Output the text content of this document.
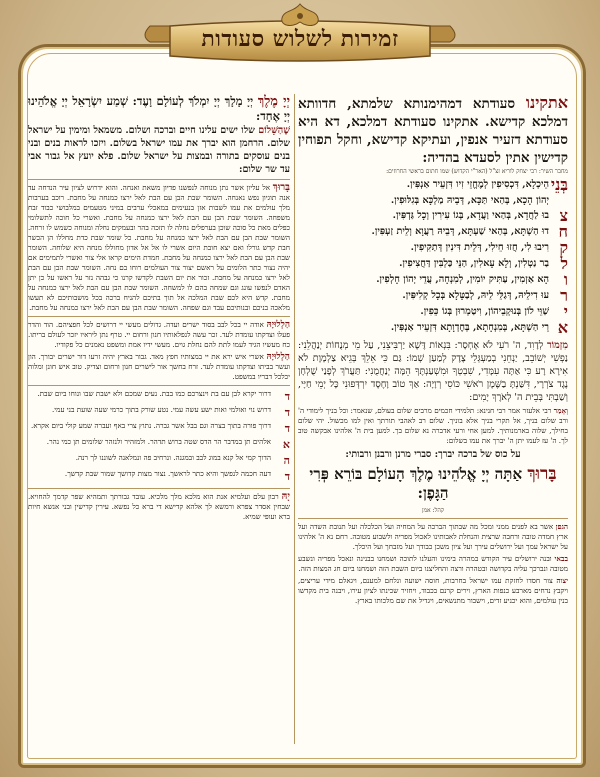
זמירות לשלוש סעודות

אתקינו סעודתא דמהימנותא שלמתא, חדוותא דמלכא קדישא. אתקינו סעודתא דמלכא, דא היא סעודתא דזעיר אנפין, ועתיקא קדישא, וחקל תפוחין קדישין אתין לסעדא בהדיה:

מחבר השיר: רבי יצחק לוריא זצ"ל (האר"י הקדוש) שמו חתום בראשי החרוזים:

בְּנֵי
הֵיכְלָא, דִּכְסִיפִין לְמֶחֱזֵי זִיו דִּזְעֵיר אַנְפִּין.
יְהוֹן הָכָא, בְּהַאי תַּכָּא, דְּבֵיהּ מַלְכָּא בְּגִלּוּפִין.
צ
בוּ לַחֲדָא, בְּהַאי וַעֲדָא, בְּגוֹ עִירִין וְכָל גַּדְפִּין.
ח
דוּ הַשְׁתָּא, בְּהַאי שַׁעְתָּא, דְּבֵיהּ רַעֲוָא וְלֵית זַעְפִּין.
ק
רִיבוּ לִי, חֲזוּ חֵילִי, דְּלֵית דִּינִין דְּתַקִּיפִין.
ל
בַר נַטְלִין, וְלָא עָאלִין, הַנֵּי כַּלְבִּין דַּחֲצִיפִין.
ו
הָא אַזְמִין, עַתִּיק יוֹמִין, לְמִנְחָה, עֲדֵי יְהוֹן חָלְפִין.
ר
עוּ דִילֵיהּ, דְּגַלֵּי לֵיהּ, לְבַטָּלָא בְּכָל קְלִיפִּין.
י
שַׁוֵּי לוֹן בְּנוּקְבֵיהוֹן, וִיטַמְרוּן בְּגוֹ כֵּפִין.
א
רֵי הַשְׁתָּא, בְּמִנְחָתָא, בְּחֶדְוָתָא דִּזְעֵיר אַנְפִּין.

מִזְמוֹר לְדָוִד, ה' רֹעִי לֹא אֶחְסָר: בִּנְאוֹת דֶּשֶׁא יַרְבִּיצֵנִי, עַל מֵי מְנֻחוֹת יְנַהֲלֵנִי: נַפְשִׁי יְשׁוֹבֵב, יַנְחֵנִי בְמַעְגְּלֵי צֶדֶק לְמַעַן שְׁמוֹ: גַּם כִּי אֵלֵךְ בְּגֵיא צַלְמָוֶת לֹא אִירָא רָע כִּי אַתָּה עִמָּדִי, שִׁבְטְךָ וּמִשְׁעַנְתֶּךָ הֵמָּה יְנַחֲמֻנִי: תַּעֲרֹךְ לְפָנַי שֻׁלְחָן נֶגֶד צֹרְרָי, דִּשַּׁנְתָּ בַשֶּׁמֶן רֹאשִׁי כּוֹסִי רְוָיָה: אַךְ טוֹב וָחֶסֶד יִרְדְּפוּנִי כָּל יְמֵי חַיָּי, וְשַׁבְתִּי בְּבֵית ה' לְאֹרֶךְ יָמִים:

וְאָמַר רבי אלעזר אמר רבי חנינא: תלמידי חכמים מרבים שלום בעולם, שנאמר: וכל בניך לימודי ה' ורב שלום בניך, אל תקרי בניך אלא בוניך. שלום רב לאהבי תורתך ואין למו מכשול. יהי שלום בחילך, שלוה בארמנותיך. למען אחי ורעי אדברה נא שלום בך. למען בית ה' אלהינו אבקשה טוב לך. ה' עז לעמו יתן ה' יברך את עמו בשלום:

על כוס של ברכה יברך: סברי מרנן ורבנן ורבותי:

בָּרוּךְ אַתָּה יְיָ אֱלֹהֵינוּ מֶלֶךְ הָעוֹלָם בּוֹרֵא פְּרִי הַגָּפֶן:

קהל: אמן

הגפן אשר בא לפנים ממני ומכל מה שבתוך הברכה על המחיה ועל הכלכלה ועל תנובת השדה ועל ארץ חמדה טובה ורחבה שרצית והנחלת לאבותינו לאכול מפריה ולשבוע מטובה. רחם נא ה' אלהינו על ישראל עמך ועל ירושלים עירך ועל ציון משכן כבודך ועל מזבחך ועל היכלך.

בבאי ובנה ירושלים עיר הקודש במהרה בימינו והעלנו לתוכה ושמחנו בבנינה ונאכל מפריה ונשבע מטובה ונברכך עליה בקדושה ובטהרה ורצה והחליצנו ביום השבת הזה ושמחנו ביום חג המצות הזה.

יצוה צור חסדו לחזקת עמו ישראל בחרבות, חוסה ישועה ונלחם למענם, ויגאלם מידי עריצים, ויקבץ נדחים מארבע כנפות הארץ, וירים קרנם בכבוד, ויחזיר שכינתו לציון עירו, ויבנה בית מקדשו בנין עולמים, והוא יכניע זדים, וישבור מתנשאים, ויגדיל את שם מלכותו בארץ.

יְיָ מֶלֶךְ יְיָ מָלָךְ יְיָ יִמְלֹךְ לְעוֹלָם וָעֶד: שְׁמַע יִשְׂרָאֵל יְיָ אֱלֹהֵינוּ יְיָ אֶחָד:

שֶׁהַשָּׁלוֹם שלו ישים עלינו חיים וברכה ושלום. משמאל ומימין על ישראל שלום. הרחמן הוא יברך את עמו ישראל בשלום. ויזכו לראות בנים ובני בנים עוסקים בתורה ובמצות על ישראל שלום. פלא יועץ אל גבור אבי עד שר שלום:

בָּרוּךְ אל עליון אשר נתן מנוחה לנפשנו פדיון משאת ואנחה. והוא ידרוש לציון עיר הנדחה עד אנה תוגיון נפש נאנחה. השומר שבת הבן עם הבת לאל ירצו כמנחה על מחבת. רוכב בערבות מלך עולמים את עמו לשבות אזן בנעימים במאכלי ערבים במיני מטעמים במלבושי כבוד זבח משפחה. השומר שבת הבן עם הבת לאל ירצו כמנחה על מחבת. ואשרי כל חוכה לתשלומי כפלים מאת כל סוכה שוכן בערפלים נחלה לו תזכה בהר ובעמקים נחלה ומנוחה כשמש לו זרחה. השומר שבת הבן עם הבת לאל ירצו כמנחה על מחבת. כל שומר שבת כדת מחללו הן הכשר חבת קדש גורלו ואם יצא חובת היום אשרי לו אל אל אדון מחוללו מנחה היא שלוחה. השומר שבת הבן עם הבת לאל ירצו כמנחה על מחבת. חמדת הימים קראו אלי צור ואשרי לתמימים אם יהיה נצור כתר הלומים על ראשם יצור צור העולמים רוחו בם נחה. השומר שבת הבן עם הבת לאל ירצו כמנחה על מחבת. זכור את יום השבת לקדשו קרנו כי גבהה נזר על ראשו על כן יתן האדם לנפשו עונג וגם שמחה בהם לו למשחה. השומר שבת הבן עם הבת לאל ירצו כמנחה על מחבת. קדש היא לכם שבת המלכה אל תוך בתיכם להניח ברכה בכל מושבותיכם לא תעשו מלאכה בניכם ובנותיכם עבד וגם שפחה. השומר שבת הבן עם הבת לאל ירצו כמנחה על מחבת.

הַלְלוּיָהּ אודה יי בכל לבב בסוד ישרים ועדה. גדולים מעשי יי דרושים לכל חפציהם. הוד והדר פעלו וצדקתו עומדת לעד. זכר עשה לנפלאותיו חנון ורחום יי. טרף נתן ליראיו יזכר לעולם בריתו. כח מעשיו הגיד לעמו לתת להם נחלת גוים. מעשי ידיו אמת ומשפט נאמנים כל פקודיו.

הַלְלוּיָהּ אשרי איש ירא את יי במצותיו חפץ מאד. גבור בארץ יהיה זרעו דור ישרים יבורך. הון ועשר בביתו וצדקתו עומדת לעד. זרח בחשך אור לישרים חנון ורחום וצדיק. טוב איש חונן ומלוה יכלכל דבריו במשפט.

ד
דרור יקרא לבן עם בת וינצרכם כמו בבת. נעים שמכם ולא ישבת שבו ונוחו ביום שבת.
ד
דרוש נוי ואולמי ואות ישע עשה עמי. נטע שורק בתוך כרמי שעה שועת בני עמי.
ד
דרוך פורה בתוך בצרה וגם בבל אשר גברה. נתוץ צרי באף ועברה שמע קולי ביום אקרא.
א
אלהים תן במדבר הר הדס שטה ברוש תדהר. ולמזהיר ולנזהר שלומים תן כמי נהר.
ה
הדוך קמי אל קנא במוג לבב ובמגנה. ונרחיב פה ונמלאנה לשוננו לך רנה.
ד
דעה חכמה לנפשך והיא כתר לראשך. נצור מצות קדושך שמור שבת קדשך.

יָהּ רבון עלם ועלמיא אנת הוא מלכא מלך מלכיא. עובד גבורתך ותמהיא שפר קדמך להחויא. שבחין אסדר צפרא ורמשא לך אלהא קדישא די ברא כל נפשא. עירין קדישין ובני אנשא חיות ברא ועופי שמיא.
